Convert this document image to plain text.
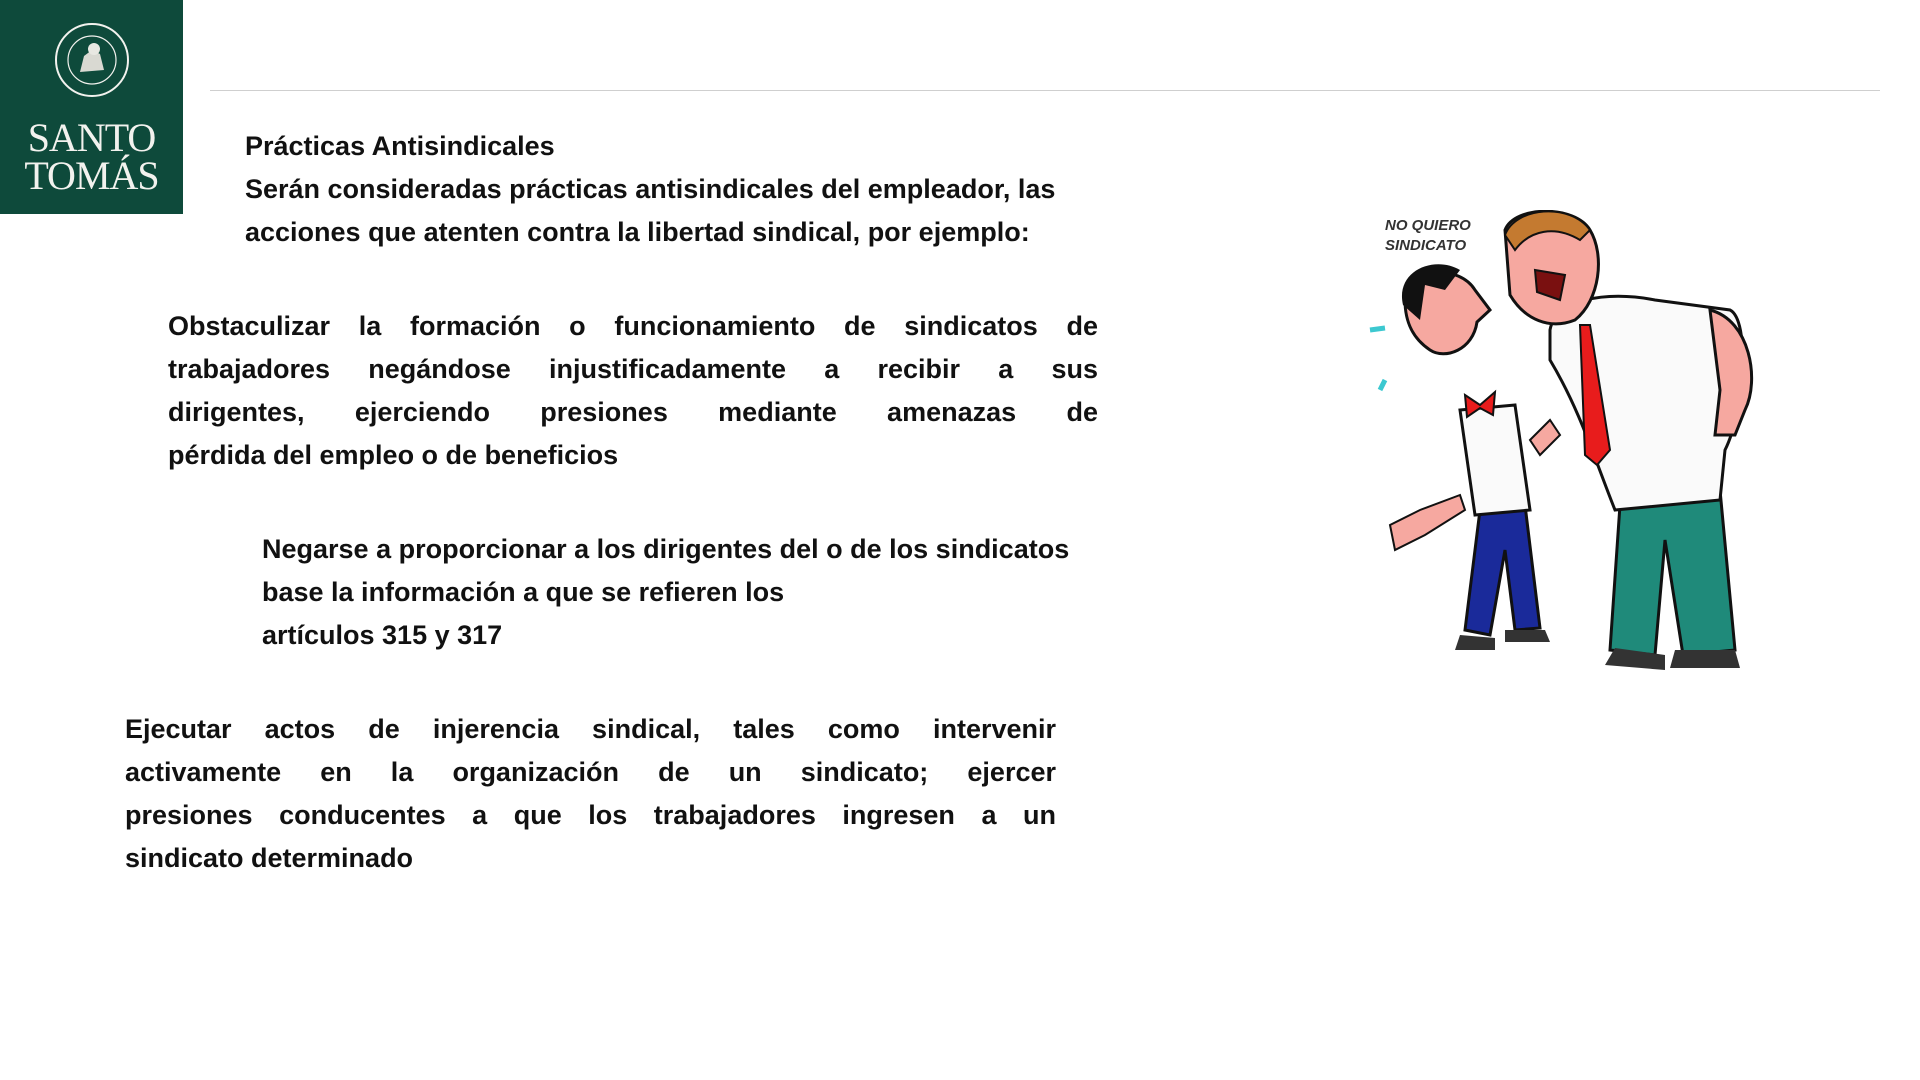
SANTO
TOMÁS
Prácticas Antisindicales
Serán consideradas prácticas antisindicales del empleador, las
acciones que atenten contra la libertad sindical, por ejemplo:
Obstaculizar la formación o funcionamiento de sindicatos de
trabajadores negándose injustificadamente a recibir a sus
dirigentes, ejerciendo presiones mediante amenazas de
pérdida del empleo o de beneficios
Negarse a proporcionar a los dirigentes del o de los sindicatos
base la información a que se refieren los
artículos 315 y 317
Ejecutar actos de injerencia sindical, tales como intervenir
activamente en la organización de un sindicato; ejercer
presiones conducentes a que los trabajadores ingresen a un
sindicato determinado
NO QUIERO
SINDICATO
